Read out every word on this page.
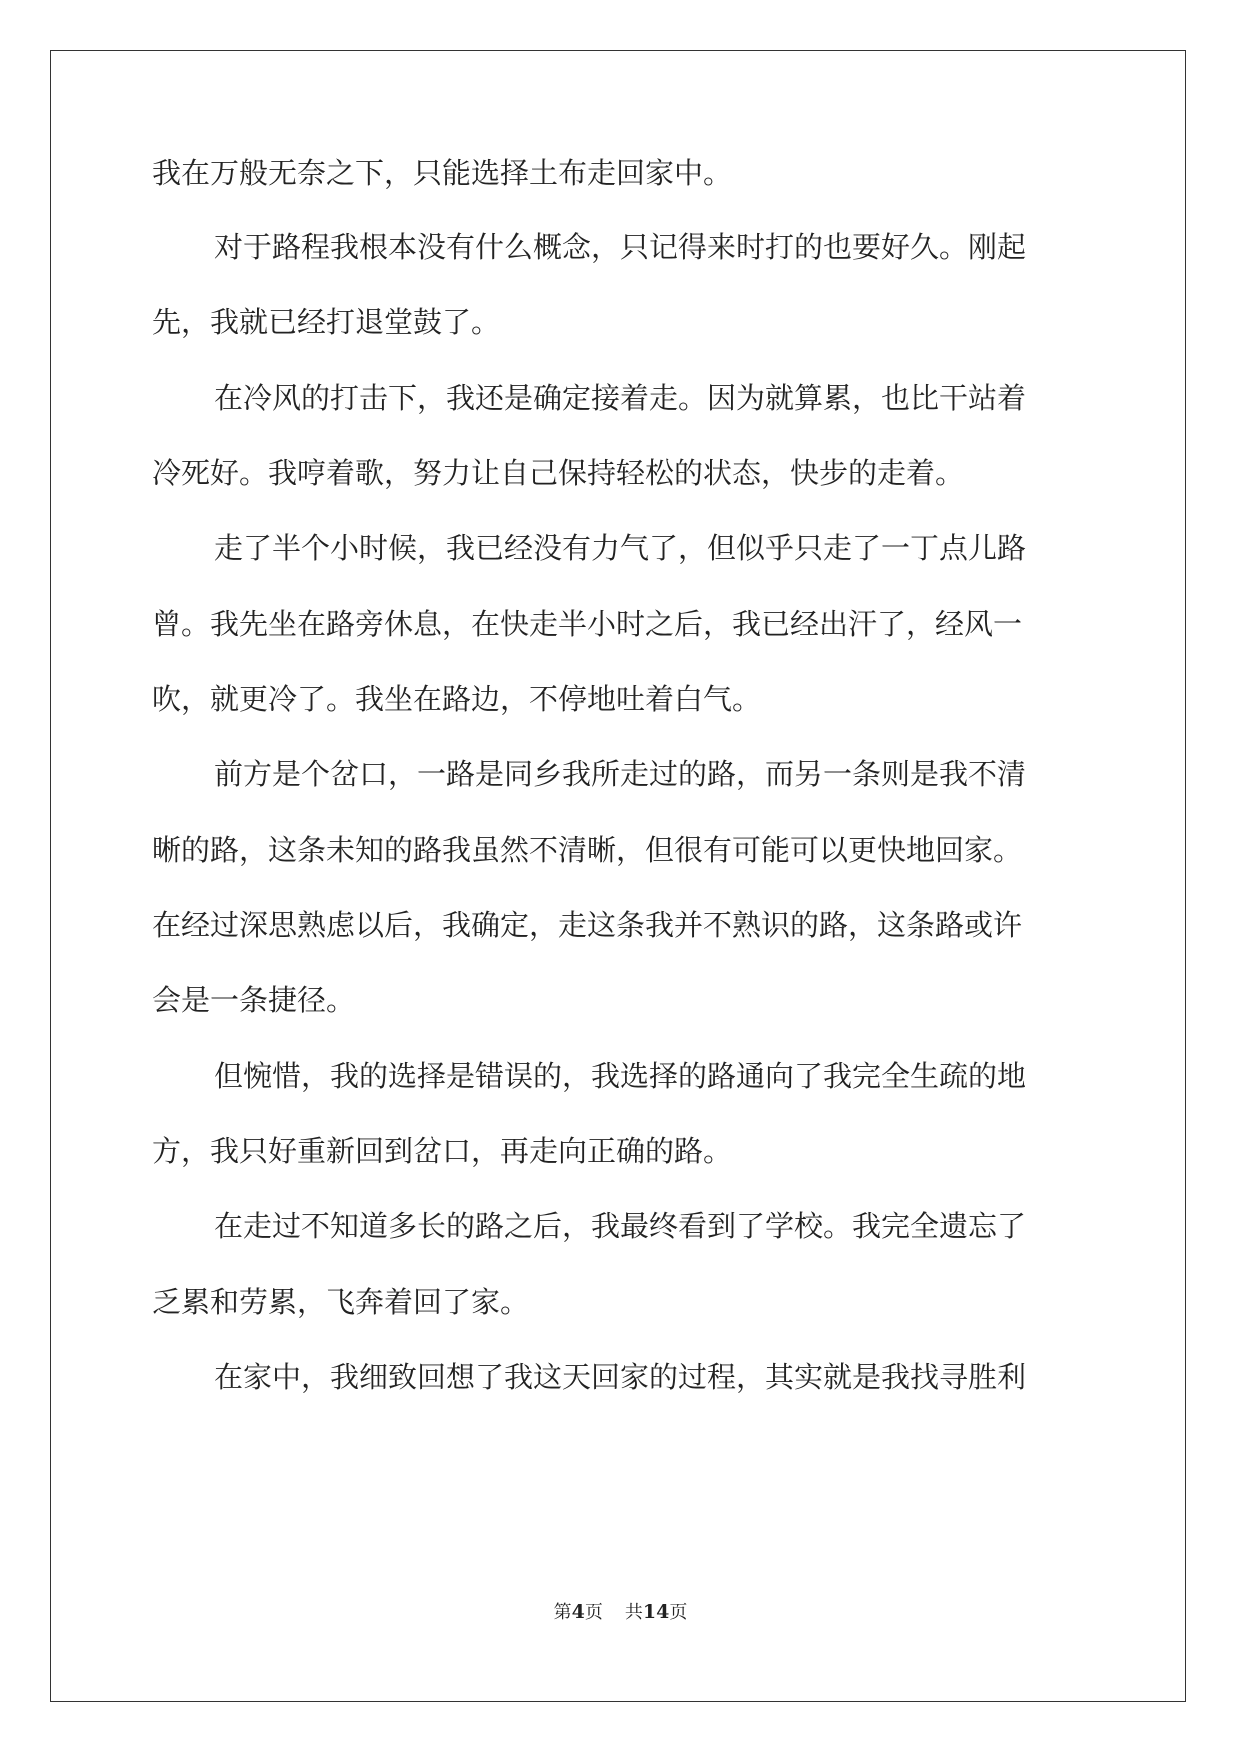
我在万般无奈之下，只能选择土布走回家中。
对于路程我根本没有什么概念，只记得来时打的也要好久。刚起
先，我就已经打退堂鼓了。
在冷风的打击下，我还是确定接着走。因为就算累，也比干站着
冷死好。我哼着歌，努力让自己保持轻松的状态，快步的走着。
走了半个小时候，我已经没有力气了，但似乎只走了一丁点儿路
曾。我先坐在路旁休息，在快走半小时之后，我已经出汗了，经风一
吹，就更冷了。我坐在路边，不停地吐着白气。
前方是个岔口，一路是同乡我所走过的路，而另一条则是我不清
晰的路，这条未知的路我虽然不清晰，但很有可能可以更快地回家。
在经过深思熟虑以后，我确定，走这条我并不熟识的路，这条路或许
会是一条捷径。
但惋惜，我的选择是错误的，我选择的路通向了我完全生疏的地
方，我只好重新回到岔口，再走向正确的路。
在走过不知道多长的路之后，我最终看到了学校。我完全遗忘了
乏累和劳累，飞奔着回了家。
在家中，我细致回想了我这天回家的过程，其实就是我找寻胜利
第4页 共14页
